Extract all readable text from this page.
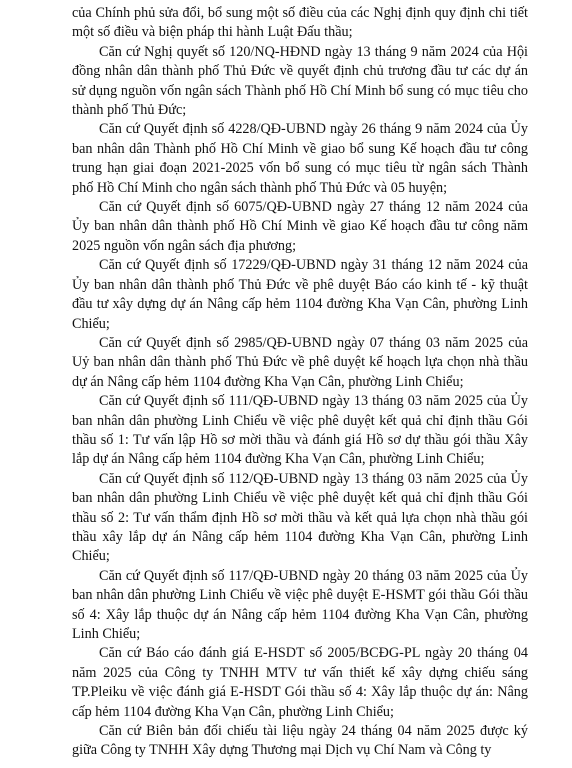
của Chính phủ sửa đổi, bổ sung một số điều của các Nghị định quy định chi tiết một số điều và biện pháp thi hành Luật Đấu thầu;

Căn cứ Nghị quyết số 120/NQ-HĐND ngày 13 tháng 9 năm 2024 của Hội đồng nhân dân thành phố Thủ Đức về quyết định chủ trương đầu tư các dự án sử dụng nguồn vốn ngân sách Thành phố Hồ Chí Minh bổ sung có mục tiêu cho thành phố Thủ Đức;

Căn cứ Quyết định số 4228/QĐ-UBND ngày 26 tháng 9 năm 2024 của Ủy ban nhân dân Thành phố Hồ Chí Minh về giao bổ sung Kế hoạch đầu tư công trung hạn giai đoạn 2021-2025 vốn bổ sung có mục tiêu từ ngân sách Thành phố Hồ Chí Minh cho ngân sách thành phố Thủ Đức và 05 huyện;

Căn cứ Quyết định số 6075/QĐ-UBND ngày 27 tháng 12 năm 2024 của Ủy ban nhân dân thành phố Hồ Chí Minh về giao Kế hoạch đầu tư công năm 2025 nguồn vốn ngân sách địa phương;

Căn cứ Quyết định số 17229/QĐ-UBND ngày 31 tháng 12 năm 2024 của Ủy ban nhân dân thành phố Thủ Đức về phê duyệt Báo cáo kinh tế - kỹ thuật đầu tư xây dựng dự án Nâng cấp hẻm 1104 đường Kha Vạn Cân, phường Linh Chiểu;

Căn cứ Quyết định số 2985/QĐ-UBND ngày 07 tháng 03 năm 2025 của Uỷ ban nhân dân thành phố Thủ Đức về phê duyệt kế hoạch lựa chọn nhà thầu dự án Nâng cấp hẻm 1104 đường Kha Vạn Cân, phường Linh Chiểu;

Căn cứ Quyết định số 111/QĐ-UBND ngày 13 tháng 03 năm 2025 của Ủy ban nhân dân phường Linh Chiểu về việc phê duyệt kết quả chỉ định thầu Gói thầu số 1: Tư vấn lập Hồ sơ mời thầu và đánh giá Hồ sơ dự thầu gói thầu Xây lắp dự án Nâng cấp hẻm 1104 đường Kha Vạn Cân, phường Linh Chiểu;

Căn cứ Quyết định số 112/QĐ-UBND ngày 13 tháng 03 năm 2025 của Ủy ban nhân dân phường Linh Chiểu về việc phê duyệt kết quả chỉ định thầu Gói thầu số 2: Tư vấn thẩm định Hồ sơ mời thầu và kết quả lựa chọn nhà thầu gói thầu xây lắp dự án Nâng cấp hẻm 1104 đường Kha Vạn Cân, phường Linh Chiểu;

Căn cứ Quyết định số 117/QĐ-UBND ngày 20 tháng 03 năm 2025 của Ủy ban nhân dân phường Linh Chiểu về việc phê duyệt E-HSMT gói thầu Gói thầu số 4: Xây lắp thuộc dự án Nâng cấp hẻm 1104 đường Kha Vạn Cân, phường Linh Chiểu;

Căn cứ Báo cáo đánh giá E-HSDT số 2005/BCĐG-PL ngày 20 tháng 04 năm 2025 của Công ty TNHH MTV tư vấn thiết kế xây dựng chiếu sáng TP.Pleiku về việc đánh giá E-HSDT Gói thầu số 4: Xây lắp thuộc dự án: Nâng cấp hẻm 1104 đường Kha Vạn Cân, phường Linh Chiểu;

Căn cứ Biên bản đối chiếu tài liệu ngày 24 tháng 04 năm 2025 được ký giữa Công ty TNHH Xây dựng Thương mại Dịch vụ Chí Nam và Công ty
